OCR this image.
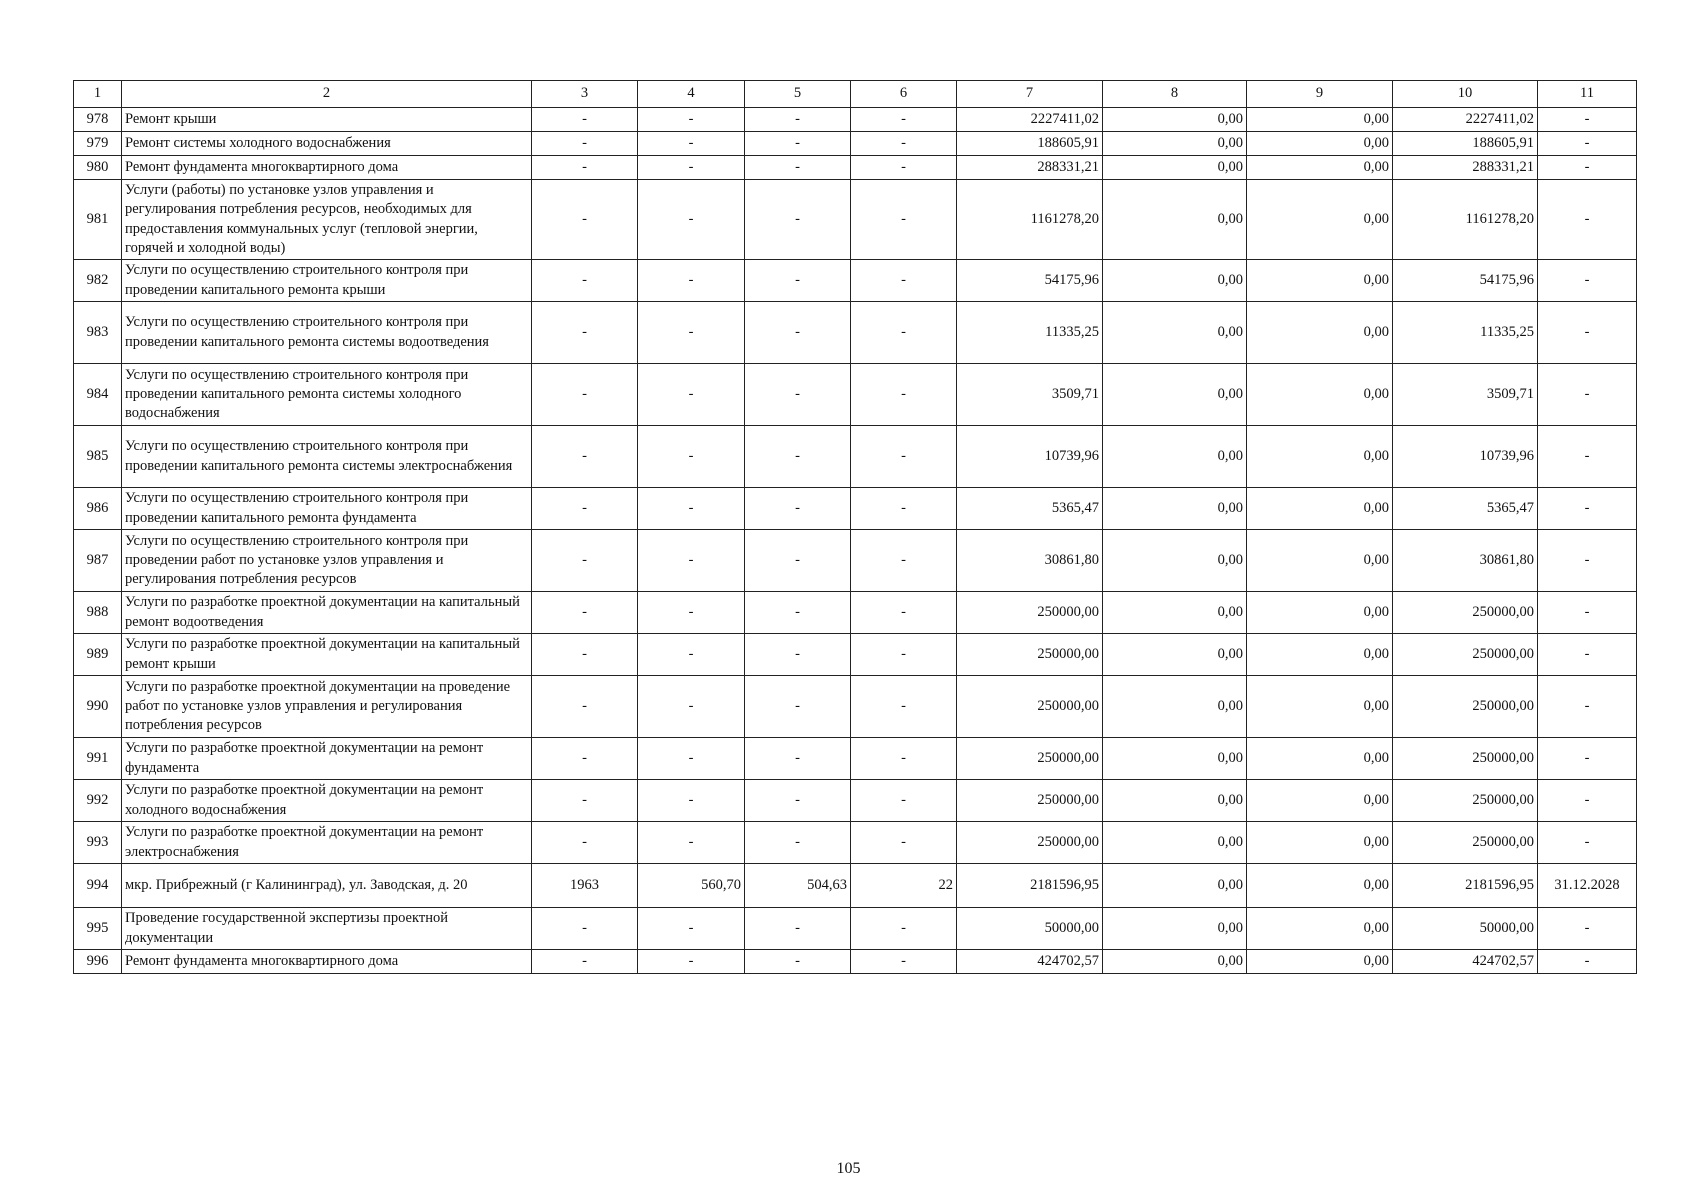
1	2	3	4	5	6	7	8	9	10	11
978	Ремонт крыши	-	-	-	-	2227411,02	0,00	0,00	2227411,02	-
979	Ремонт системы холодного водоснабжения	-	-	-	-	188605,91	0,00	0,00	188605,91	-
980	Ремонт фундамента многоквартирного дома	-	-	-	-	288331,21	0,00	0,00	288331,21	-
981	Услуги (работы) по установке узлов управления и регулирования потребления ресурсов, необходимых для предоставления коммунальных услуг (тепловой энергии, горячей и холодной воды)	-	-	-	-	1161278,20	0,00	0,00	1161278,20	-
982	Услуги по осуществлению строительного контроля при проведении капитального ремонта крыши	-	-	-	-	54175,96	0,00	0,00	54175,96	-
983	Услуги по осуществлению строительного контроля при проведении капитального ремонта системы водоотведения	-	-	-	-	11335,25	0,00	0,00	11335,25	-
984	Услуги по осуществлению строительного контроля при проведении капитального ремонта системы холодного водоснабжения	-	-	-	-	3509,71	0,00	0,00	3509,71	-
985	Услуги по осуществлению строительного контроля при проведении капитального ремонта системы электроснабжения	-	-	-	-	10739,96	0,00	0,00	10739,96	-
986	Услуги по осуществлению строительного контроля при проведении капитального ремонта фундамента	-	-	-	-	5365,47	0,00	0,00	5365,47	-
987	Услуги по осуществлению строительного контроля при проведении работ по установке узлов управления и регулирования потребления ресурсов	-	-	-	-	30861,80	0,00	0,00	30861,80	-
988	Услуги по разработке проектной документации на капитальный ремонт водоотведения	-	-	-	-	250000,00	0,00	0,00	250000,00	-
989	Услуги по разработке проектной документации на капитальный ремонт крыши	-	-	-	-	250000,00	0,00	0,00	250000,00	-
990	Услуги по разработке проектной документации на проведение работ по установке узлов управления и регулирования потребления ресурсов	-	-	-	-	250000,00	0,00	0,00	250000,00	-
991	Услуги по разработке проектной документации на ремонт фундамента	-	-	-	-	250000,00	0,00	0,00	250000,00	-
992	Услуги по разработке проектной документации на ремонт холодного водоснабжения	-	-	-	-	250000,00	0,00	0,00	250000,00	-
993	Услуги по разработке проектной документации на ремонт электроснабжения	-	-	-	-	250000,00	0,00	0,00	250000,00	-
994	мкр. Прибрежный (г Калининград), ул. Заводская, д. 20	1963	560,70	504,63	22	2181596,95	0,00	0,00	2181596,95	31.12.2028
995	Проведение государственной экспертизы проектной документации	-	-	-	-	50000,00	0,00	0,00	50000,00	-
996	Ремонт фундамента многоквартирного дома	-	-	-	-	424702,57	0,00	0,00	424702,57	-
105
